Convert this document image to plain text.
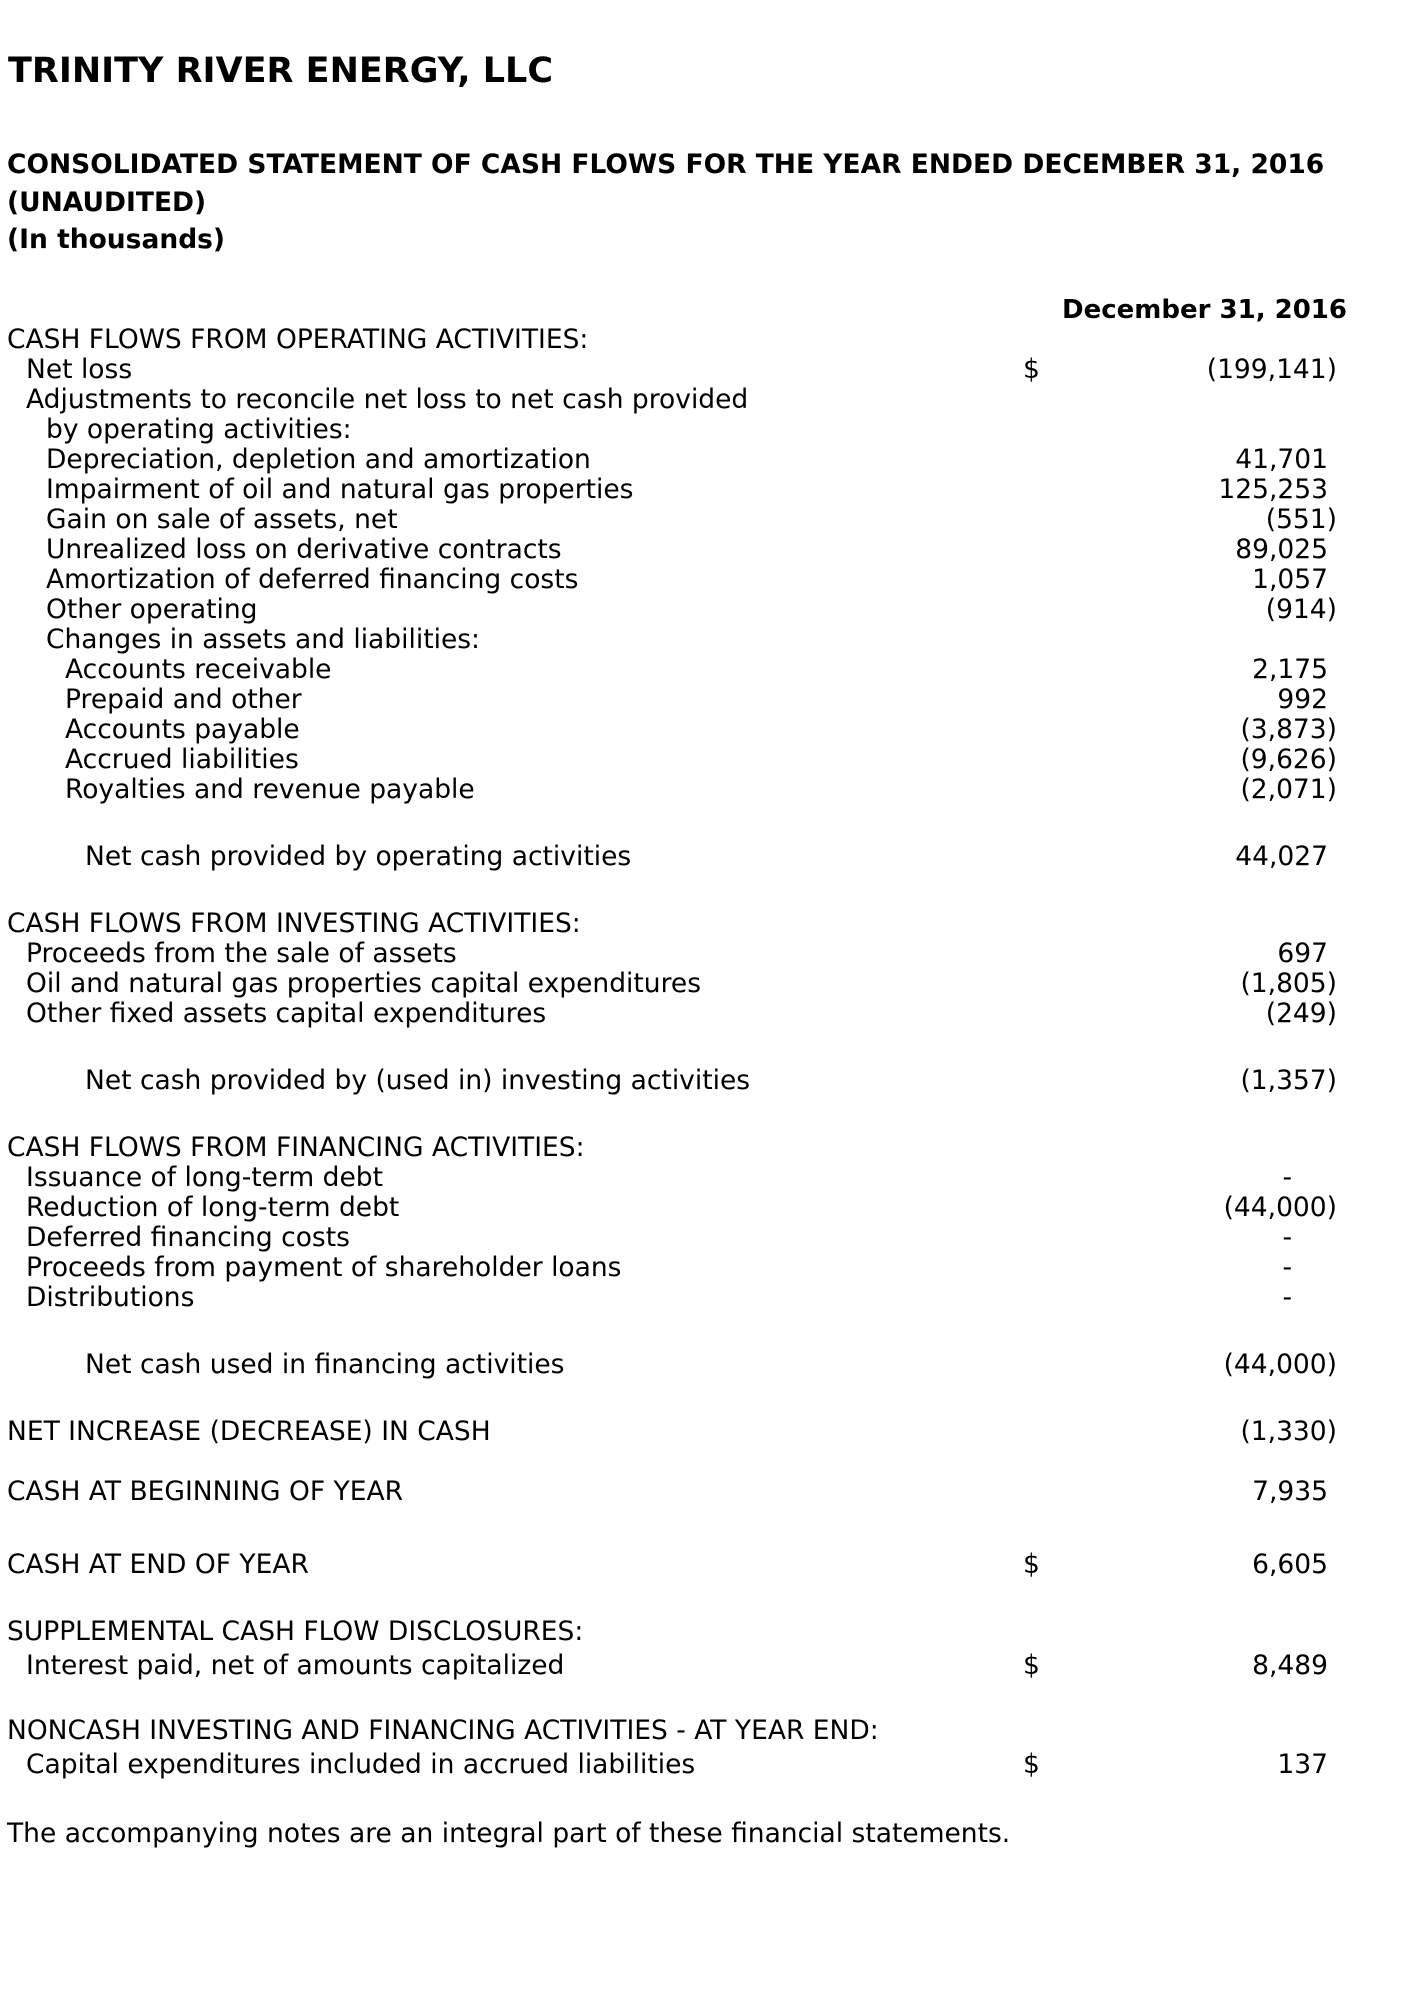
TRINITY RIVER ENERGY, LLC
CONSOLIDATED STATEMENT OF CASH FLOWS FOR THE YEAR ENDED DECEMBER 31, 2016 (UNAUDITED)
(In thousands)
December 31, 2016
CASH FLOWS FROM OPERATING ACTIVITIES:
Net loss	$	(199,141)
Adjustments to reconcile net loss to net cash provided
by operating activities:
Depreciation, depletion and amortization	41,701
Impairment of oil and natural gas properties	125,253
Gain on sale of assets, net	(551)
Unrealized loss on derivative contracts	89,025
Amortization of deferred financing costs	1,057
Other operating	(914)
Changes in assets and liabilities:
Accounts receivable	2,175
Prepaid and other	992
Accounts payable	(3,873)
Accrued liabilities	(9,626)
Royalties and revenue payable	(2,071)
Net cash provided by operating activities	44,027
CASH FLOWS FROM INVESTING ACTIVITIES:
Proceeds from the sale of assets	697
Oil and natural gas properties capital expenditures	(1,805)
Other fixed assets capital expenditures	(249)
Net cash provided by (used in) investing activities	(1,357)
CASH FLOWS FROM FINANCING ACTIVITIES:
Issuance of long-term debt	-
Reduction of long-term debt	(44,000)
Deferred financing costs	-
Proceeds from payment of shareholder loans	-
Distributions	-
Net cash used in financing activities	(44,000)
NET INCREASE (DECREASE) IN CASH	(1,330)
CASH AT BEGINNING OF YEAR	7,935
CASH AT END OF YEAR	$	6,605
SUPPLEMENTAL CASH FLOW DISCLOSURES:
Interest paid, net of amounts capitalized	$	8,489
NONCASH INVESTING AND FINANCING ACTIVITIES - AT YEAR END:
Capital expenditures included in accrued liabilities	$	137
The accompanying notes are an integral part of these financial statements.
